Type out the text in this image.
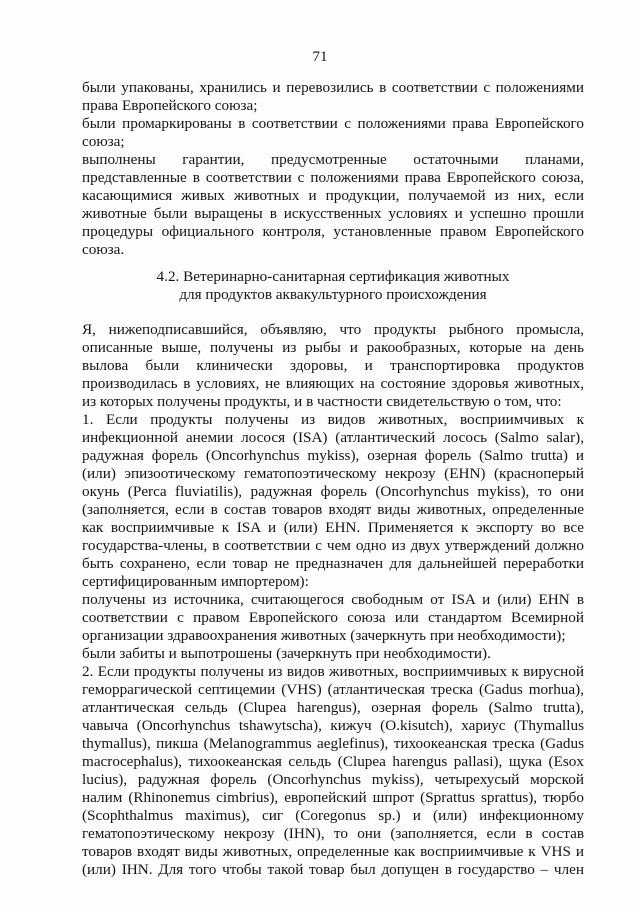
71
были упакованы, хранились и перевозились в соответствии с положениями
права Европейского союза;
были промаркированы в соответствии с положениями права Европейского
союза;
выполнены гарантии, предусмотренные остаточными планами,
представленные в соответствии с положениями права Европейского союза,
касающимися живых животных и продукции, получаемой из них, если
животные были выращены в искусственных условиях и успешно прошли
процедуры официального контроля, установленные правом Европейского
союза.
4.2. Ветеринарно-санитарная сертификация животных
для продуктов аквакультурного происхождения
Я, нижеподписавшийся, объявляю, что продукты рыбного промысла,
описанные выше, получены из рыбы и ракообразных, которые на день
вылова были клинически здоровы, и транспортировка продуктов
производилась в условиях, не влияющих на состояние здоровья животных,
из которых получены продукты, и в частности свидетельствую о том, что:
1. Если продукты получены из видов животных, восприимчивых к
инфекционной анемии лосося (ISA) (атлантический лосось (Salmo salar),
радужная форель (Oncorhynchus mykiss), озерная форель (Salmo trutta) и
(или) эпизоотическому гематопоэтическому некрозу (EHN) (красноперый
окунь (Perca fluviatilis), радужная форель (Oncorhynchus mykiss), то они
(заполняется, если в состав товаров входят виды животных, определенные
как восприимчивые к ISA и (или) EHN. Применяется к экспорту во все
государства-члены, в соответствии с чем одно из двух утверждений должно
быть сохранено, если товар не предназначен для дальнейшей переработки
сертифицированным импортером):
получены из источника, считающегося свободным от ISA и (или) EHN в
соответствии с правом Европейского союза или стандартом Всемирной
организации здравоохранения животных (зачеркнуть при необходимости);
были забиты и выпотрошены (зачеркнуть при необходимости).
2. Если продукты получены из видов животных, восприимчивых к вирусной
геморрагической септицемии (VHS) (атлантическая треска (Gadus morhua),
атлантическая сельдь (Clupea harengus), озерная форель (Salmo trutta),
чавыча (Oncorhynchus tshawytscha), кижуч (O.kisutch), хариус (Thymallus
thymallus), пикша (Melanogrammus aeglefinus), тихоокеанская треска (Gadus
macrocephalus), тихоокеанская сельдь (Clupea harengus pallasi), щука (Esox
lucius), радужная форель (Oncorhynchus mykiss), четырехусый морской
налим (Rhinonemus cimbrius), европейский шпрот (Sprattus sprattus), тюрбо
(Scophthalmus maximus), сиг (Coregonus sp.) и (или) инфекционному
гематопоэтическому некрозу (IHN), то они (заполняется, если в состав
товаров входят виды животных, определенные как восприимчивые к VHS и
(или) IHN. Для того чтобы такой товар был допущен в государство – член
